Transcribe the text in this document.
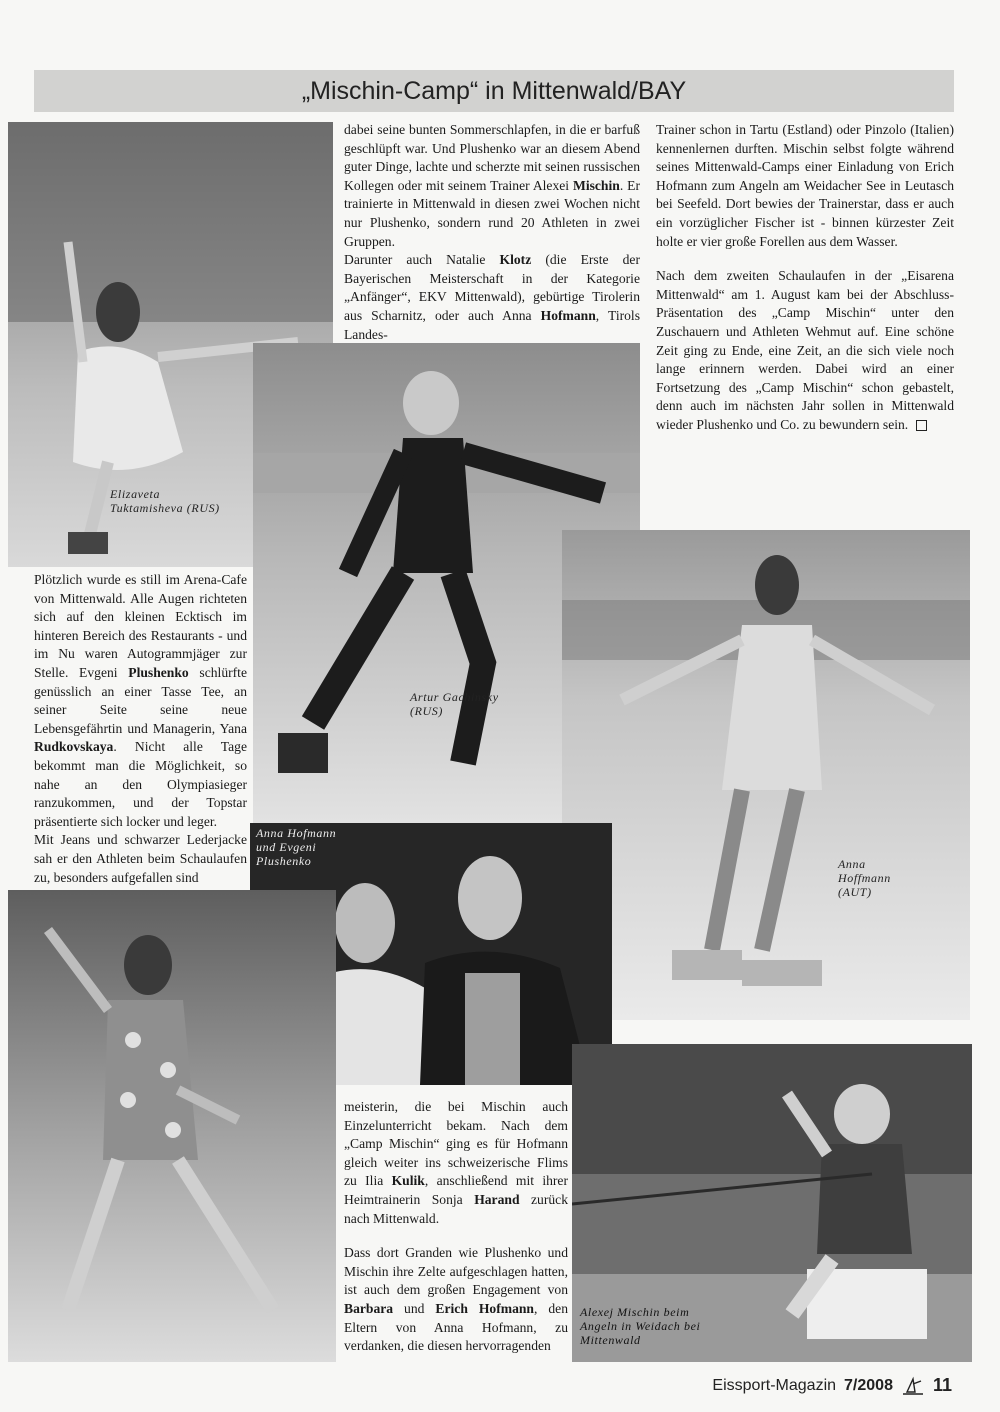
„Mischin-Camp“ in Mittenwald/BAY
Elizaveta
Tuktamisheva (RUS)

dabei seine bunten Sommerschlapfen, in die er barfuß geschlüpft war. Und Plushenko war an diesem Abend guter Dinge, lachte und scherzte mit seinen russischen Kollegen oder mit seinem Trainer Alexei Mischin. Er trainierte in Mittenwald in diesen zwei Wochen nicht nur Plushenko, sondern rund 20 Athleten in zwei Gruppen.

Darunter auch Natalie Klotz (die Erste der Bayerischen Meisterschaft in der Kategorie „Anfänger“, EKV Mittenwald), gebürtige Tirolerin aus Scharnitz, oder auch Anna Hofmann, Tirols Landes-

Trainer schon in Tartu (Estland) oder Pinzolo (Italien) kennenlernen durften. Mischin selbst folgte während seines Mittenwald-Camps einer Einladung von Erich Hofmann zum Angeln am Weidacher See in Leutasch bei Seefeld. Dort bewies der Trainerstar, dass er auch ein vorzüglicher Fischer ist - binnen kürzester Zeit holte er vier große Forellen aus dem Wasser.

Nach dem zweiten Schaulaufen in der „Eisarena Mittenwald“ am 1. August kam bei der Abschluss-Präsentation des „Camp Mischin“ unter den Zuschauern und Athleten Wehmut auf. Eine schöne Zeit ging zu Ende, eine Zeit, an die sich viele noch lange erinnern werden. Dabei wird an einer Fortsetzung des „Camp Mischin“ schon gebastelt, denn auch im nächsten Jahr sollen in Mittenwald wieder Plushenko und Co. zu bewundern sein.

Artur Gachinsky
(RUS)
Anna
Hoffmann
(AUT)

Plötzlich wurde es still im Arena-Cafe von Mittenwald. Alle Augen richteten sich auf den kleinen Ecktisch im hinteren Bereich des Restaurants - und im Nu waren Autogrammjäger zur Stelle. Evgeni Plushenko schlürfte genüsslich an einer Tasse Tee, an seiner Seite seine neue Lebensgefährtin und Managerin, Yana Rudkovskaya. Nicht alle Tage bekommt man die Möglichkeit, so nahe an den Olympiasieger ranzukommen, und der Topstar präsentierte sich locker und leger.

Mit Jeans und schwarzer Lederjacke sah er den Athleten beim Schaulaufen zu, besonders aufgefallen sind

Anna Hofmann
und Evgeni
Plushenko

meisterin, die bei Mischin auch Einzelunterricht bekam. Nach dem „Camp Mischin“ ging es für Hofmann gleich weiter ins schweizerische Flims zu Ilia Kulik, anschließend mit ihrer Heimtrainerin Sonja Harand zurück nach Mittenwald.

Dass dort Granden wie Plushenko und Mischin ihre Zelte aufgeschlagen hatten, ist auch dem großen Engagement von Barbara und Erich Hofmann, den Eltern von Anna Hofmann, zu verdanken, die diesen hervorragenden

Alexej Mischin beim
Angeln in Weidach bei
Mittenwald
Eissport-Magazin 7/2008 11
